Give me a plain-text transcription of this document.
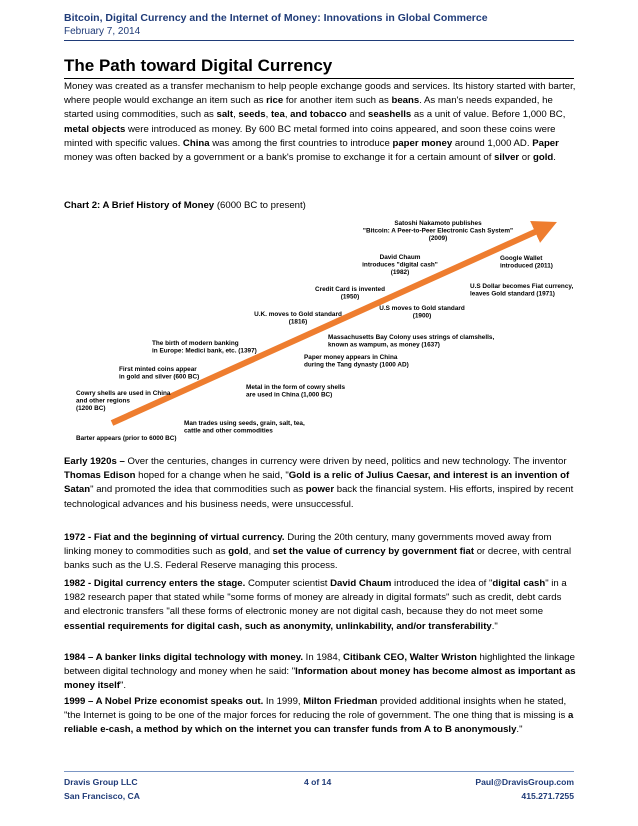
Bitcoin, Digital Currency and the Internet of Money: Innovations in Global Commerce
February 7, 2014
The Path toward Digital Currency

Money was created as a transfer mechanism to help people exchange goods and services. Its history started with barter, where people would exchange an item such as rice for another item such as beans. As man's needs expanded, he started using commodities, such as salt, seeds, tea, and tobacco and seashells as a unit of value. Before 1,000 BC, metal objects were introduced as money. By 600 BC metal formed into coins appeared, and soon these coins were minted with specific values. China was among the first countries to introduce paper money around 1,000 AD. Paper money was often backed by a government or a bank's promise to exchange it for a certain amount of silver or gold.

Chart 2: A Brief History of Money (6000 BC to present)
Barter appears (prior to 6000 BC)
Cowry shells are used in China and other regions (1200 BC)
Man trades using seeds, grain, salt, tea, cattle and other commodities
First minted coins appear in gold and silver (600 BC)
Metal in the form of cowry shells are used in China (1,000 BC)
The birth of modern banking in Europe: Medici bank, etc. (1397)
Paper money appears in China during the Tang dynasty (1000 AD)
U.K. moves to Gold standard (1816)
Massachusetts Bay Colony uses strings of clamshells, known as wampum, as money (1637)
Credit Card is invented (1950)
U.S Dollar becomes Fiat currency, leaves Gold standard (1971)
U.S moves to Gold standard (1900)
David Chaum introduces "digital cash" (1982)
Google Wallet introduced (2011)
Satoshi Nakamoto publishes "Bitcoin: A Peer-to-Peer Electronic Cash System" (2009)

Early 1920s – Over the centuries, changes in currency were driven by need, politics and new technology. The inventor Thomas Edison hoped for a change when he said, "Gold is a relic of Julius Caesar, and interest is an invention of Satan" and promoted the idea that commodities such as power back the financial system. His efforts, inspired by recent technological advances and his business needs, were unsuccessful.

1972 - Fiat and the beginning of virtual currency. During the 20th century, many governments moved away from linking money to commodities such as gold, and set the value of currency by government fiat or decree, with central banks such as the U.S. Federal Reserve managing this process.

1982 - Digital currency enters the stage. Computer scientist David Chaum introduced the idea of "digital cash" in a 1982 research paper that stated while "some forms of money are already in digital formats" such as credit, debt cards and electronic transfers "all these forms of electronic money are not digital cash, because they do not meet some essential requirements for digital cash, such as anonymity, unlinkability, and/or transferability."

1984 – A banker links digital technology with money. In 1984, Citibank CEO, Walter Wriston highlighted the linkage between digital technology and money when he said: "Information about money has become almost as important as money itself".

1999 – A Nobel Prize economist speaks out. In 1999, Milton Friedman provided additional insights when he stated, "the Internet is going to be one of the major forces for reducing the role of government. The one thing that is missing is a reliable e-cash, a method by which on the internet you can transfer funds from A to B anonymously."

Dravis Group LLC
San Francisco, CA
4 of 14	Paul@DravisGroup.com
415.271.7255
